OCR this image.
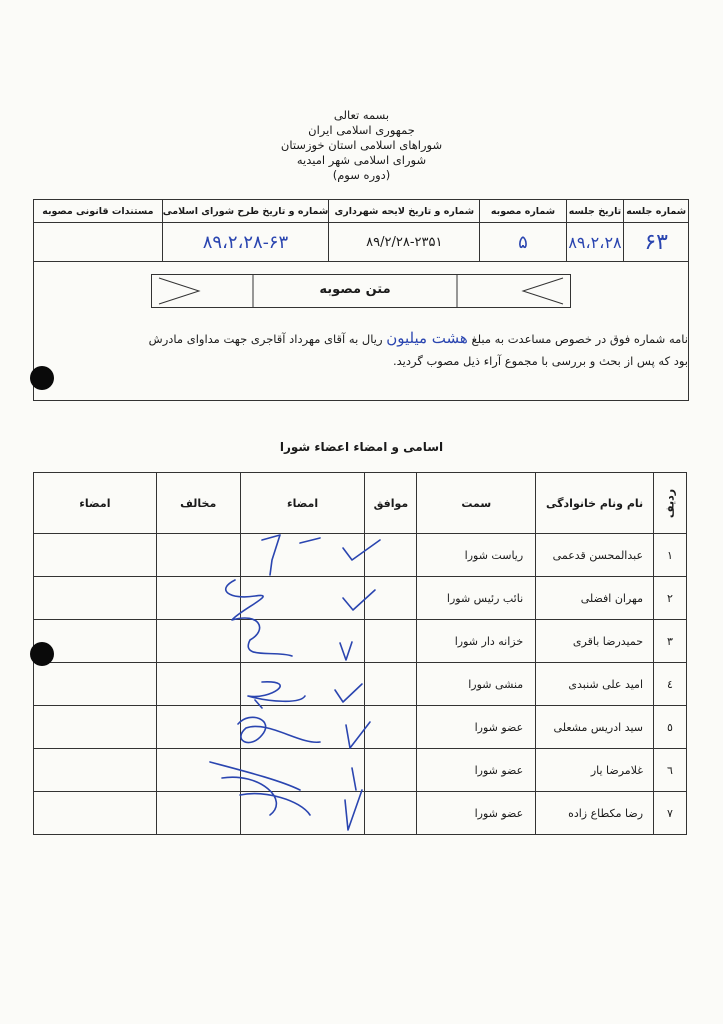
بسمه تعالی
جمهوری اسلامی ایران
شوراهای اسلامی استان خوزستان
شورای اسلامی شهر امیدیه
(دوره سوم)
شماره جلسه	تاریخ جلسه	شماره مصوبه	شماره و تاریخ لایحه شهرداری	شماره و تاریخ طرح شورای اسلامی	مستندات قانونی مصوبه
۶۳	۸۹،۲،۲۸	۵	۸۹/۲/۲۸-۲۳۵۱	۸۹،۲،۲۸-۶۳	
متن مصوبه
نامه شماره فوق در خصوص مساعدت به مبلغ هشت میلیون ریال به آقای مهرداد آقاجری جهت مداوای مادرش
بود که پس از بحث و بررسی با مجموع آراء ذیل مصوب گردید.
اسامی و امضاء اعضاء شورا
ردیف	نام ونام خانوادگی	سمت	موافق	امضاء	مخالف	امضاء
۱	عبدالمحسن قدعمی	ریاست شورا				
۲	مهران افضلی	نائب رئیس شورا				
۳	حمیدرضا باقری	خزانه دار شورا				
٤	امید علی شنبدی	منشی شورا				
٥	سید ادریس مشعلی	عضو شورا				
٦	غلامرضا یار	عضو شورا				
۷	رضا مکطاع زاده	عضو شورا				
